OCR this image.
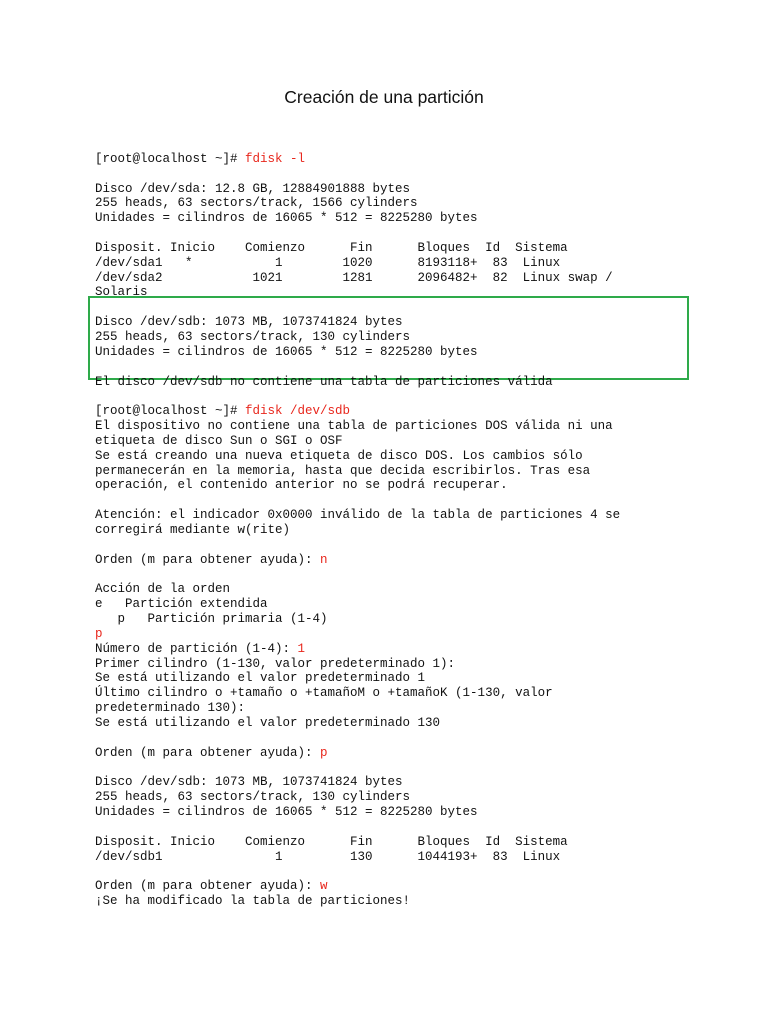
Creación de una partición
[root@localhost ~]# fdisk -l
Disco /dev/sda: 12.8 GB, 12884901888 bytes
255 heads, 63 sectors/track, 1566 cylinders
Unidades = cilindros de 16065 * 512 = 8225280 bytes
Disposit. Inicio    Comienzo      Fin      Bloques  Id  Sistema
/dev/sda1   *           1        1020      8193118+  83  Linux
/dev/sda2            1021        1281      2096482+  82  Linux swap /
Solaris
Disco /dev/sdb: 1073 MB, 1073741824 bytes
255 heads, 63 sectors/track, 130 cylinders
Unidades = cilindros de 16065 * 512 = 8225280 bytes
El disco /dev/sdb no contiene una tabla de particiones válida
[root@localhost ~]# fdisk /dev/sdb
El dispositivo no contiene una tabla de particiones DOS válida ni una
etiqueta de disco Sun o SGI o OSF
Se está creando una nueva etiqueta de disco DOS. Los cambios sólo
permanecerán en la memoria, hasta que decida escribirlos. Tras esa
operación, el contenido anterior no se podrá recuperar.
Atención: el indicador 0x0000 inválido de la tabla de particiones 4 se
corregirá mediante w(rite)
Orden (m para obtener ayuda): n
Acción de la orden
e   Partición extendida
p   Partición primaria (1-4)
p
Número de partición (1-4): 1
Primer cilindro (1-130, valor predeterminado 1):
Se está utilizando el valor predeterminado 1
Último cilindro o +tamaño o +tamañoM o +tamañoK (1-130, valor
predeterminado 130):
Se está utilizando el valor predeterminado 130
Orden (m para obtener ayuda): p
Disco /dev/sdb: 1073 MB, 1073741824 bytes
255 heads, 63 sectors/track, 130 cylinders
Unidades = cilindros de 16065 * 512 = 8225280 bytes
Disposit. Inicio    Comienzo      Fin      Bloques  Id  Sistema
/dev/sdb1               1         130      1044193+  83  Linux
Orden (m para obtener ayuda): w
¡Se ha modificado la tabla de particiones!
